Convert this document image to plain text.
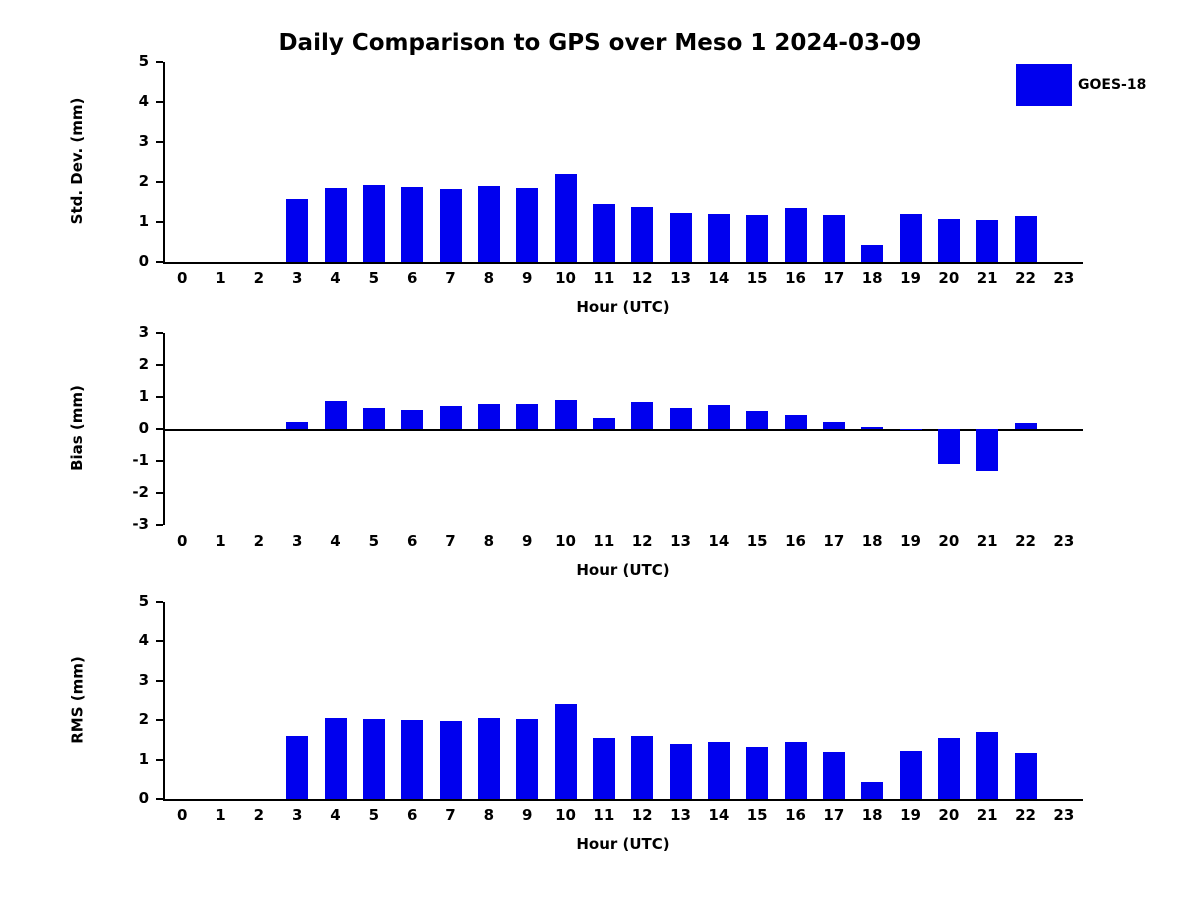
Daily Comparison to GPS over Meso 1 2024-03-09
GOES-18
0
1
2
3
4
5
0	1	2	3	4	5	6	7	8	9	10	11	12	13	14	15	16	17	18	19	20	21	22	23
Hour (UTC)
Std. Dev. (mm)
-3
-2
-1
0
1
2
3
0	1	2	3	4	5	6	7	8	9	10	11	12	13	14	15	16	17	18	19	20	21	22	23
Hour (UTC)
Bias (mm)
0
1
2
3
4
5
0	1	2	3	4	5	6	7	8	9	10	11	12	13	14	15	16	17	18	19	20	21	22	23
Hour (UTC)
RMS (mm)
